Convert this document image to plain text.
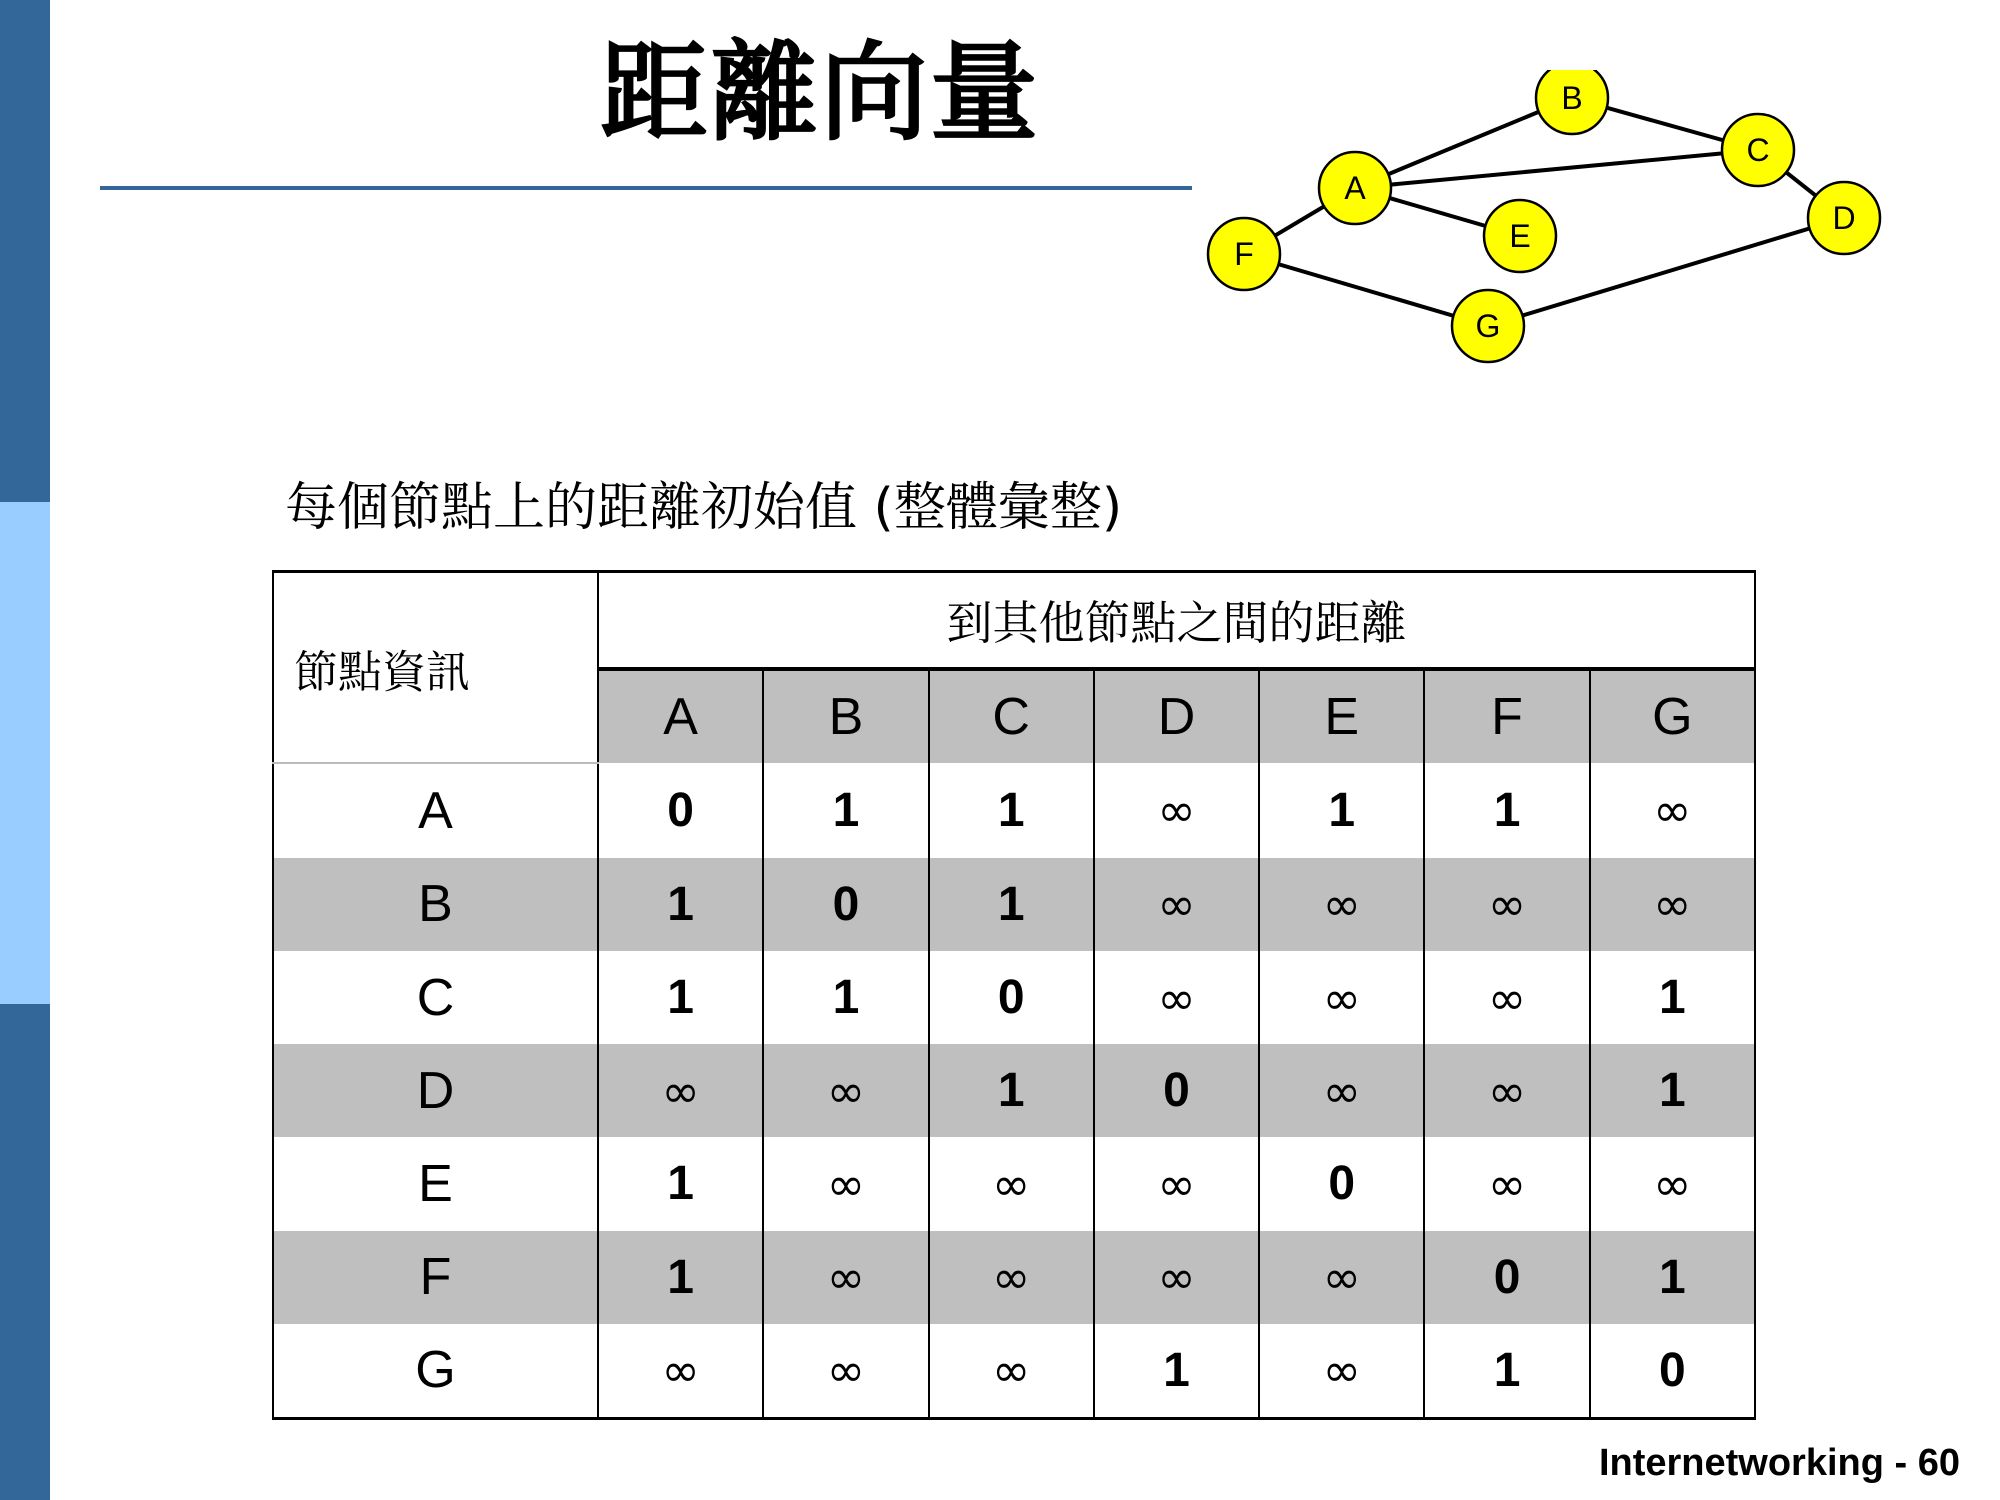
距離向量
A
B
C
D
E
F
G
每個節點上的距離初始值 (整體彙整)
節點資訊	到其他節點之間的距離						
	A	B	C	D	E	F	G
A	0	1	1	∞	1	1	∞
B	1	0	1	∞	∞	∞	∞
C	1	1	0	∞	∞	∞	1
D	∞	∞	1	0	∞	∞	1
E	1	∞	∞	∞	0	∞	∞
F	1	∞	∞	∞	∞	0	1
G	∞	∞	∞	1	∞	1	0
Internetworking - 60
